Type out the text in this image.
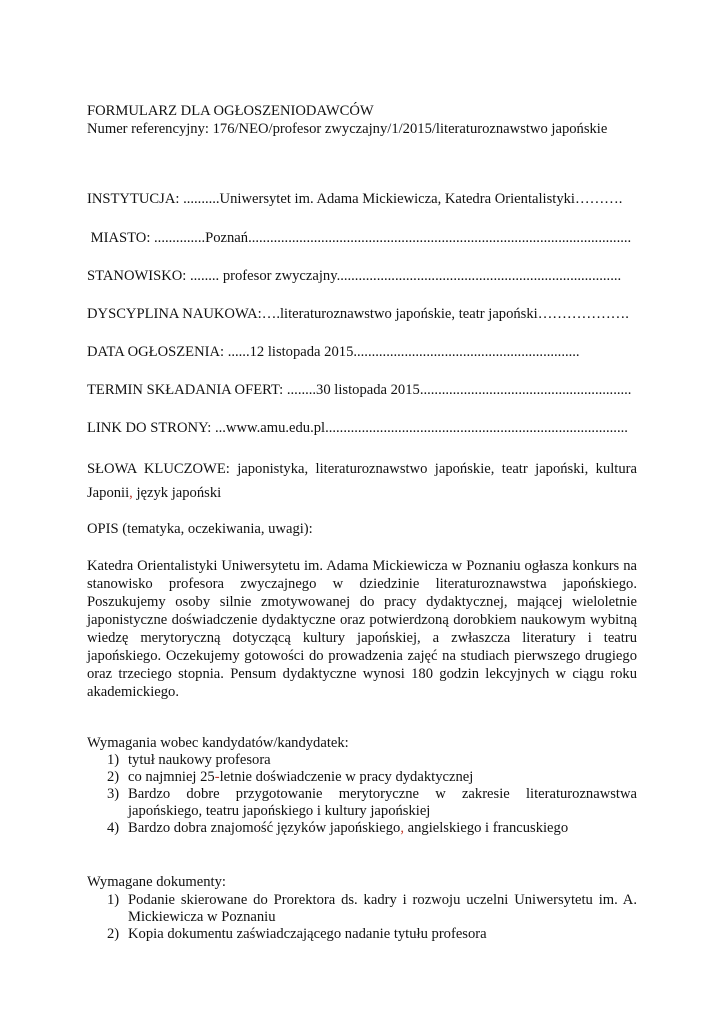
FORMULARZ DLA OGŁOSZENIODAWCÓW
Numer referencyjny: 176/NEO/profesor zwyczajny/1/2015/literaturoznawstwo japońskie
INSTYTUCJA: ..........Uniwersytet im. Adama Mickiewicza, Katedra Orientalistyki……….
MIASTO: ..............Poznań.........................................................................................................
STANOWISKO: ........ profesor zwyczajny..............................................................................
DYSCYPLINA NAUKOWA:….literaturoznawstwo japońskie, teatr japoński……………….
DATA OGŁOSZENIA: ......12 listopada 2015..............................................................
TERMIN SKŁADANIA OFERT: ........30 listopada 2015..........................................................
LINK DO STRONY: ...www.amu.edu.pl...................................................................................
SŁOWA KLUCZOWE: japonistyka, literaturoznawstwo japońskie, teatr japoński, kultura Japonii, język japoński
OPIS (tematyka, oczekiwania, uwagi):
Katedra Orientalistyki Uniwersytetu im. Adama Mickiewicza w Poznaniu ogłasza konkurs na stanowisko profesora zwyczajnego w dziedzinie literaturoznawstwa japońskiego. Poszukujemy osoby silnie zmotywowanej do pracy dydaktycznej, mającej wieloletnie japonistyczne doświadczenie dydaktyczne oraz potwierdzoną dorobkiem naukowym wybitną wiedzę merytoryczną dotyczącą kultury japońskiej, a zwłaszcza literatury i teatru japońskiego. Oczekujemy gotowości do prowadzenia zajęć na studiach pierwszego drugiego oraz trzeciego stopnia. Pensum dydaktyczne wynosi 180 godzin lekcyjnych w ciągu roku akademickiego.
Wymagania wobec kandydatów/kandydatek:
1) tytuł naukowy profesora
2) co najmniej 25-letnie doświadczenie w pracy dydaktycznej
3) Bardzo dobre przygotowanie merytoryczne w zakresie literaturoznawstwa japońskiego, teatru japońskiego i kultury japońskiej
4) Bardzo dobra znajomość języków japońskiego, angielskiego i francuskiego
Wymagane dokumenty:
1) Podanie skierowane do Prorektora ds. kadry i rozwoju uczelni Uniwersytetu im. A. Mickiewicza w Poznaniu
2) Kopia dokumentu zaświadczającego nadanie tytułu profesora
